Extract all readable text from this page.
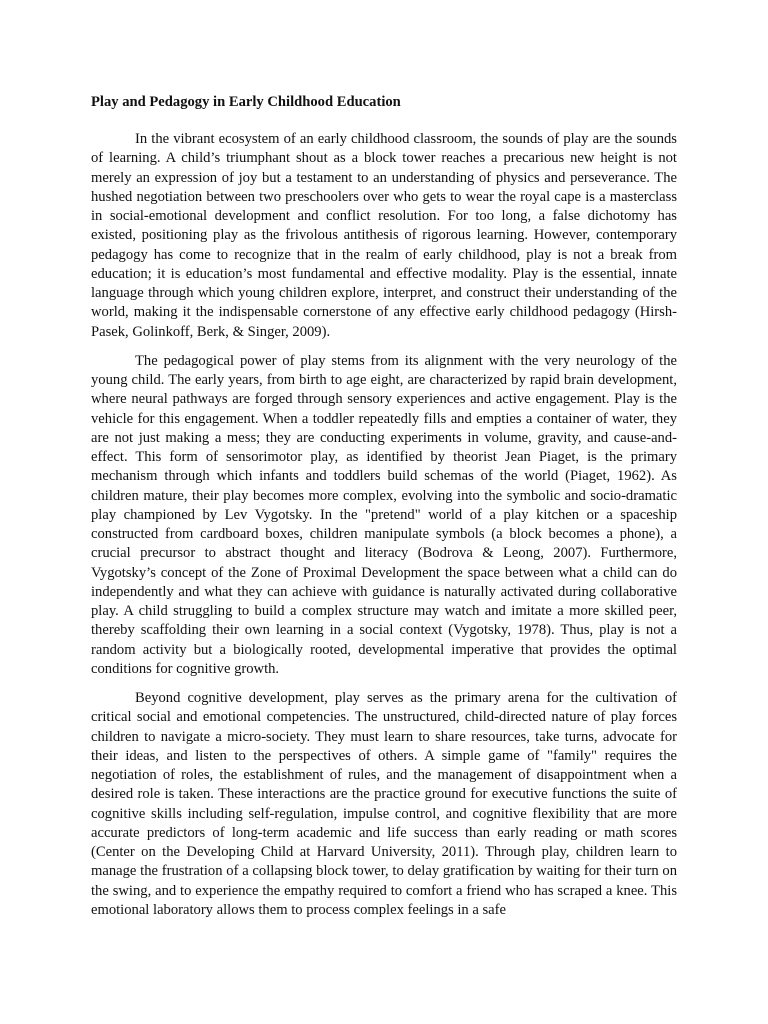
Play and Pedagogy in Early Childhood Education

In the vibrant ecosystem of an early childhood classroom, the sounds of play are the sounds of learning. A child’s triumphant shout as a block tower reaches a precarious new height is not merely an expression of joy but a testament to an understanding of physics and perseverance. The hushed negotiation between two preschoolers over who gets to wear the royal cape is a masterclass in social-emotional development and conflict resolution. For too long, a false dichotomy has existed, positioning play as the frivolous antithesis of rigorous learning. However, contemporary pedagogy has come to recognize that in the realm of early childhood, play is not a break from education; it is education’s most fundamental and effective modality. Play is the essential, innate language through which young children explore, interpret, and construct their understanding of the world, making it the indispensable cornerstone of any effective early childhood pedagogy (Hirsh-Pasek, Golinkoff, Berk, & Singer, 2009).

The pedagogical power of play stems from its alignment with the very neurology of the young child. The early years, from birth to age eight, are characterized by rapid brain development, where neural pathways are forged through sensory experiences and active engagement. Play is the vehicle for this engagement. When a toddler repeatedly fills and empties a container of water, they are not just making a mess; they are conducting experiments in volume, gravity, and cause-and-effect. This form of sensorimotor play, as identified by theorist Jean Piaget, is the primary mechanism through which infants and toddlers build schemas of the world (Piaget, 1962). As children mature, their play becomes more complex, evolving into the symbolic and socio-dramatic play championed by Lev Vygotsky. In the "pretend" world of a play kitchen or a spaceship constructed from cardboard boxes, children manipulate symbols (a block becomes a phone), a crucial precursor to abstract thought and literacy (Bodrova & Leong, 2007). Furthermore, Vygotsky’s concept of the Zone of Proximal Development the space between what a child can do independently and what they can achieve with guidance is naturally activated during collaborative play. A child struggling to build a complex structure may watch and imitate a more skilled peer, thereby scaffolding their own learning in a social context (Vygotsky, 1978). Thus, play is not a random activity but a biologically rooted, developmental imperative that provides the optimal conditions for cognitive growth.

Beyond cognitive development, play serves as the primary arena for the cultivation of critical social and emotional competencies. The unstructured, child-directed nature of play forces children to navigate a micro-society. They must learn to share resources, take turns, advocate for their ideas, and listen to the perspectives of others. A simple game of "family" requires the negotiation of roles, the establishment of rules, and the management of disappointment when a desired role is taken. These interactions are the practice ground for executive functions the suite of cognitive skills including self-regulation, impulse control, and cognitive flexibility that are more accurate predictors of long-term academic and life success than early reading or math scores (Center on the Developing Child at Harvard University, 2011). Through play, children learn to manage the frustration of a collapsing block tower, to delay gratification by waiting for their turn on the swing, and to experience the empathy required to comfort a friend who has scraped a knee. This emotional laboratory allows them to process complex feelings in a safe
